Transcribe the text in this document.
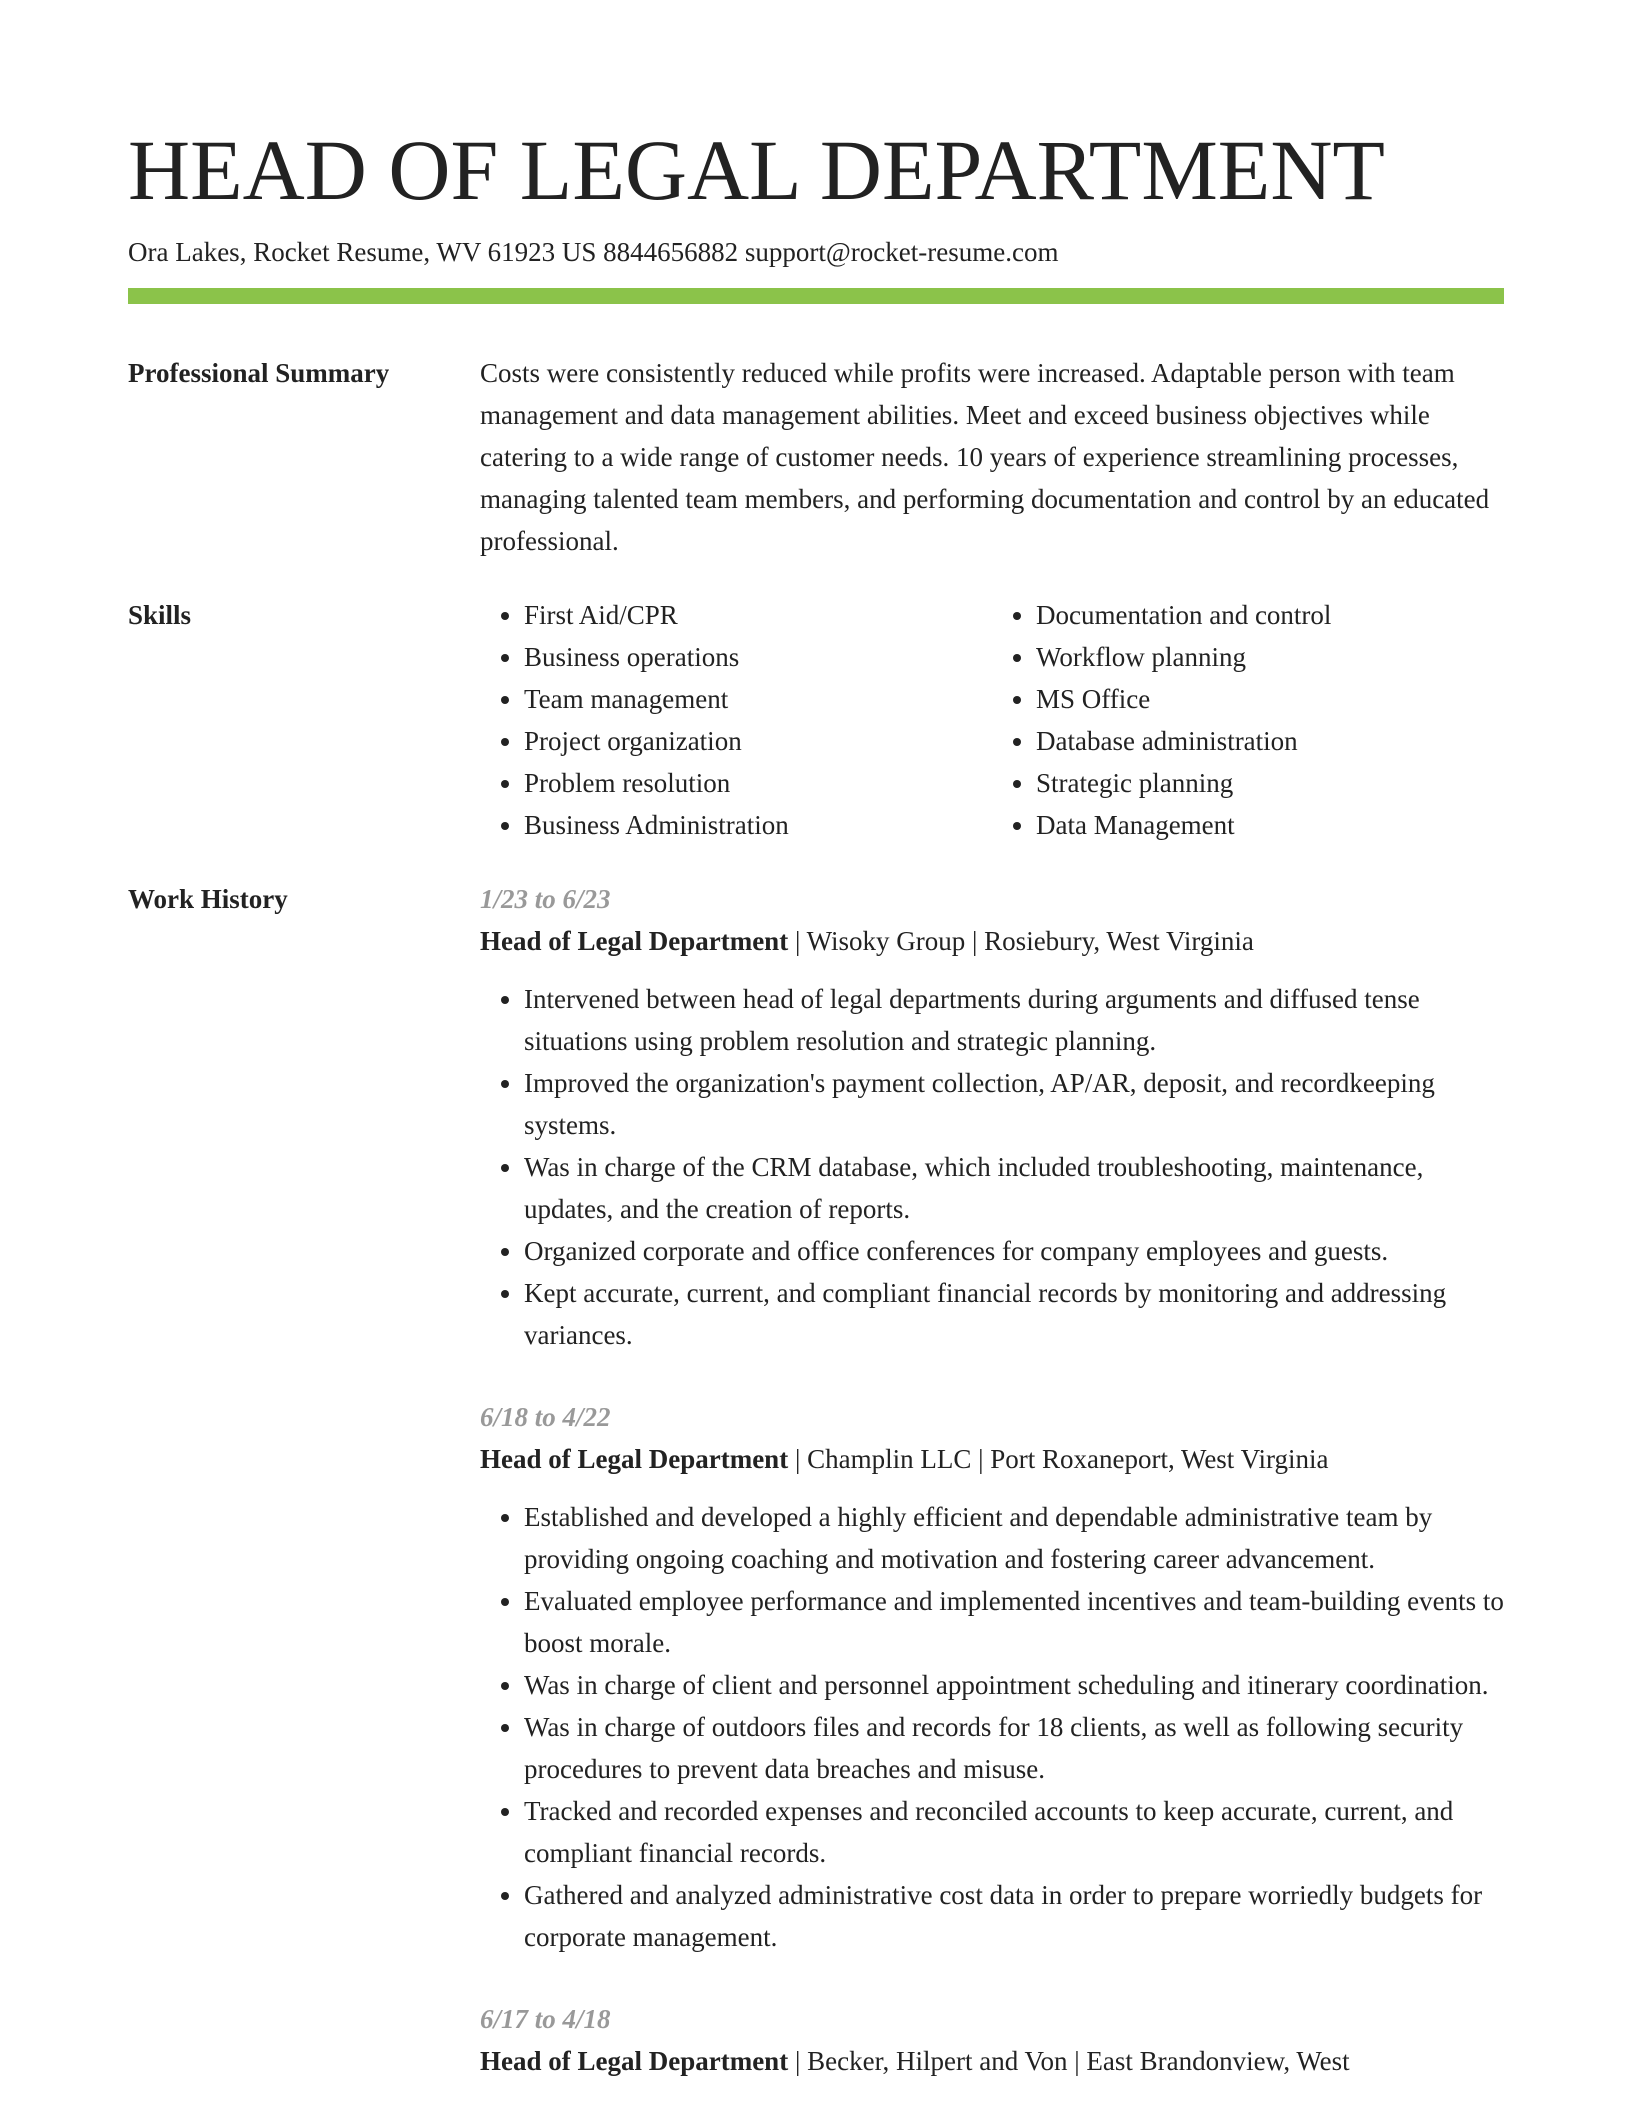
HEAD OF LEGAL DEPARTMENT
Ora Lakes, Rocket Resume, WV 61923 US 8844656882 support@rocket-resume.com
Professional Summary	Costs were consistently reduced while profits were increased. Adaptable person with team management and data management abilities. Meet and exceed business objectives while catering to a wide range of customer needs. 10 years of experience streamlining processes, managing talented team members, and performing documentation and control by an educated professional.
Skills
•	First Aid/CPR
• Business operations
• Team management
• Project organization
• Problem resolution
• Business Administration
• Documentation and control
• Workflow planning
• MS Office
• Database administration
• Strategic planning
• Data Management
Work History	1/23 to 6/23
Head of Legal Department | Wisoky Group | Rosiebury, West Virginia
• Intervened between head of legal departments during arguments and diffused tense situations using problem resolution and strategic planning.
• Improved the organization's payment collection, AP/AR, deposit, and recordkeeping systems.
• Was in charge of the CRM database, which included troubleshooting, maintenance, updates, and the creation of reports.
• Organized corporate and office conferences for company employees and guests.
• Kept accurate, current, and compliant financial records by monitoring and addressing variances.
6/18 to 4/22
Head of Legal Department | Champlin LLC | Port Roxaneport, West Virginia
• Established and developed a highly efficient and dependable administrative team by providing ongoing coaching and motivation and fostering career advancement.
• Evaluated employee performance and implemented incentives and team-building events to boost morale.
• Was in charge of client and personnel appointment scheduling and itinerary coordination.
• Was in charge of outdoors files and records for 18 clients, as well as following security procedures to prevent data breaches and misuse.
• Tracked and recorded expenses and reconciled accounts to keep accurate, current, and compliant financial records.
• Gathered and analyzed administrative cost data in order to prepare worriedly budgets for corporate management.
6/17 to 4/18
Head of Legal Department | Becker, Hilpert and Von | East Brandonview, West
